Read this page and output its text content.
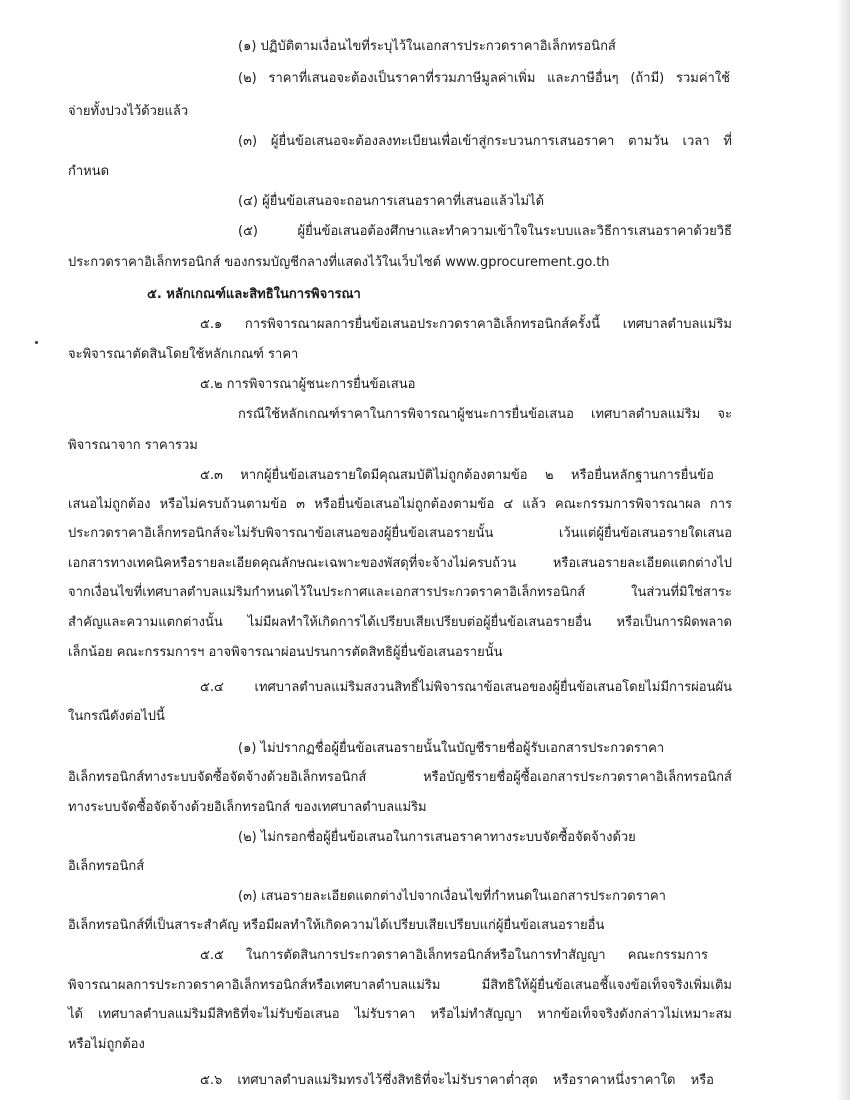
(๑) ปฏิบัติตามเงื่อนไขที่ระบุไว้ในเอกสารประกวดราคาอิเล็กทรอนิกส์
(๒) ราคาที่เสนอจะต้องเป็นราคาที่รวมภาษีมูลค่าเพิ่ม และภาษีอื่นๆ (ถ้ามี) รวมค่าใช้
จ่ายทั้งปวงไว้ด้วยแล้ว
(๓) ผู้ยื่นข้อเสนอจะต้องลงทะเบียนเพื่อเข้าสู่กระบวนการเสนอราคา ตามวัน เวลา ที่
กำหนด
(๔) ผู้ยื่นข้อเสนอจะถอนการเสนอราคาที่เสนอแล้วไม่ได้
(๕) ผู้ยื่นข้อเสนอต้องศึกษาและทำความเข้าใจในระบบและวิธีการเสนอราคาด้วยวิธี
ประกวดราคาอิเล็กทรอนิกส์ ของกรมบัญชีกลางที่แสดงไว้ในเว็บไซต์ www.gprocurement.go.th
๕. หลักเกณฑ์และสิทธิในการพิจารณา
๕.๑ การพิจารณาผลการยื่นข้อเสนอประกวดราคาอิเล็กทรอนิกส์ครั้งนี้ เทศบาลตำบลแม่ริม
จะพิจารณาตัดสินโดยใช้หลักเกณฑ์ ราคา
๕.๒ การพิจารณาผู้ชนะการยื่นข้อเสนอ
กรณีใช้หลักเกณฑ์ราคาในการพิจารณาผู้ชนะการยื่นข้อเสนอ เทศบาลตำบลแม่ริม จะ
พิจารณาจาก ราคารวม
๕.๓ หากผู้ยื่นข้อเสนอรายใดมีคุณสมบัติไม่ถูกต้องตามข้อ ๒ หรือยื่นหลักฐานการยื่นข้อ
เสนอไม่ถูกต้อง หรือไม่ครบถ้วนตามข้อ ๓ หรือยื่นข้อเสนอไม่ถูกต้องตามข้อ ๔ แล้ว คณะกรรมการพิจารณาผล การ
ประกวดราคาอิเล็กทรอนิกส์จะไม่รับพิจารณาข้อเสนอของผู้ยื่นข้อเสนอรายนั้น เว้นแต่ผู้ยื่นข้อเสนอรายใดเสนอ
เอกสารทางเทคนิคหรือรายละเอียดคุณลักษณะเฉพาะของพัสดุที่จะจ้างไม่ครบถ้วน หรือเสนอรายละเอียดแตกต่างไป
จากเงื่อนไขที่เทศบาลตำบลแม่ริมกำหนดไว้ในประกาศและเอกสารประกวดราคาอิเล็กทรอนิกส์ ในส่วนที่มิใช่สาระ
สำคัญและความแตกต่างนั้น ไม่มีผลทำให้เกิดการได้เปรียบเสียเปรียบต่อผู้ยื่นข้อเสนอรายอื่น หรือเป็นการผิดพลาด
เล็กน้อย คณะกรรมการฯ อาจพิจารณาผ่อนปรนการตัดสิทธิผู้ยื่นข้อเสนอรายนั้น
๕.๔ เทศบาลตำบลแม่ริมสงวนสิทธิ์ไม่พิจารณาข้อเสนอของผู้ยื่นข้อเสนอโดยไม่มีการผ่อนผัน
ในกรณีดังต่อไปนี้
(๑) ไม่ปรากฏชื่อผู้ยื่นข้อเสนอรายนั้นในบัญชีรายชื่อผู้รับเอกสารประกวดราคา
อิเล็กทรอนิกส์ทางระบบจัดซื้อจัดจ้างด้วยอิเล็กทรอนิกส์ หรือบัญชีรายชื่อผู้ซื้อเอกสารประกวดราคาอิเล็กทรอนิกส์
ทางระบบจัดซื้อจัดจ้างด้วยอิเล็กทรอนิกส์ ของเทศบาลตำบลแม่ริม
(๒) ไม่กรอกชื่อผู้ยื่นข้อเสนอในการเสนอราคาทางระบบจัดซื้อจัดจ้างด้วย
อิเล็กทรอนิกส์
(๓) เสนอรายละเอียดแตกต่างไปจากเงื่อนไขที่กำหนดในเอกสารประกวดราคา
อิเล็กทรอนิกส์ที่เป็นสาระสำคัญ หรือมีผลทำให้เกิดความได้เปรียบเสียเปรียบแก่ผู้ยื่นข้อเสนอรายอื่น
๕.๕ ในการตัดสินการประกวดราคาอิเล็กทรอนิกส์หรือในการทำสัญญา คณะกรรมการ
พิจารณาผลการประกวดราคาอิเล็กทรอนิกส์หรือเทศบาลตำบลแม่ริม มีสิทธิให้ผู้ยื่นข้อเสนอชี้แจงข้อเท็จจริงเพิ่มเติม
ได้ เทศบาลตำบลแม่ริมมีสิทธิที่จะไม่รับข้อเสนอ ไม่รับราคา หรือไม่ทำสัญญา หากข้อเท็จจริงดังกล่าวไม่เหมาะสม
หรือไม่ถูกต้อง
๕.๖ เทศบาลตำบลแม่ริมทรงไว้ซึ่งสิทธิที่จะไม่รับราคาต่ำสุด หรือราคาหนึ่งราคาใด หรือ
